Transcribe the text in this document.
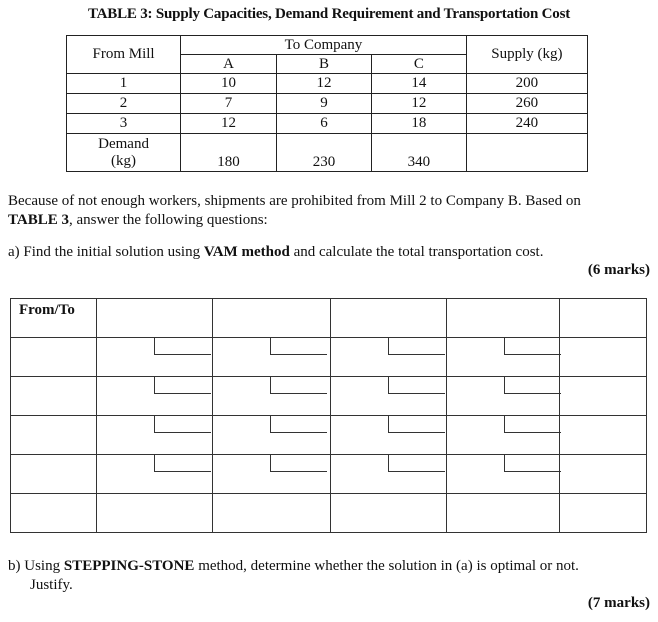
TABLE 3: Supply Capacities, Demand Requirement and Transportation Cost
From Mill	To Company			Supply (kg)
	A	B	C	
1	10	12	14	200
2	7	9	12	260
3	12	6	18	240

Demand
(kg)	180	230	340	
Because of not enough workers, shipments are prohibited from Mill 2 to Company B. Based on
TABLE 3, answer the following questions:
a) Find the initial solution using VAM method and calculate the total transportation cost.
(6 marks)
From/To					

b) Using STEPPING-STONE method, determine whether the solution in (a) is optimal or not.
Justify.
(7 marks)
